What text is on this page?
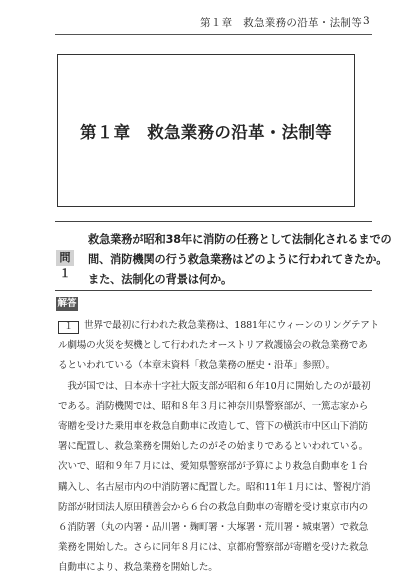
第１章　救急業務の沿革・法制等 3
第１章　救急業務の沿革・法制等
問１
救急業務が昭和38年に消防の任務として法制化されるまでの
間、消防機関の行う救急業務はどのように行われてきたか。
また、法制化の背景は何か。
解答
１ 世界で最初に行われた救急業務は、1881年にウィーンのリングテアト
ル劇場の火災を契機として行われたオーストリア救護協会の救急業務であ
るといわれている（本章末資料「救急業務の歴史・沿革」参照）。
　我が国では、日本赤十字社大阪支部が昭和６年10月に開始したのが最初
である。消防機関では、昭和８年３月に神奈川県警察部が、一篤志家から
寄贈を受けた乗用車を救急自動車に改造して、管下の横浜市中区山下消防
署に配置し、救急業務を開始したのがその始まりであるといわれている。
次いで、昭和９年７月には、愛知県警察部が予算により救急自動車を１台
購入し、名古屋市内の中消防署に配置した。昭和11年１月には、警視庁消
防部が財団法人原田積善会から６台の救急自動車の寄贈を受け東京市内の
６消防署（丸の内署・品川署・麹町署・大塚署・荒川署・城東署）で救急
業務を開始した。さらに同年８月には、京都府警察部が寄贈を受けた救急
自動車により、救急業務を開始した。
